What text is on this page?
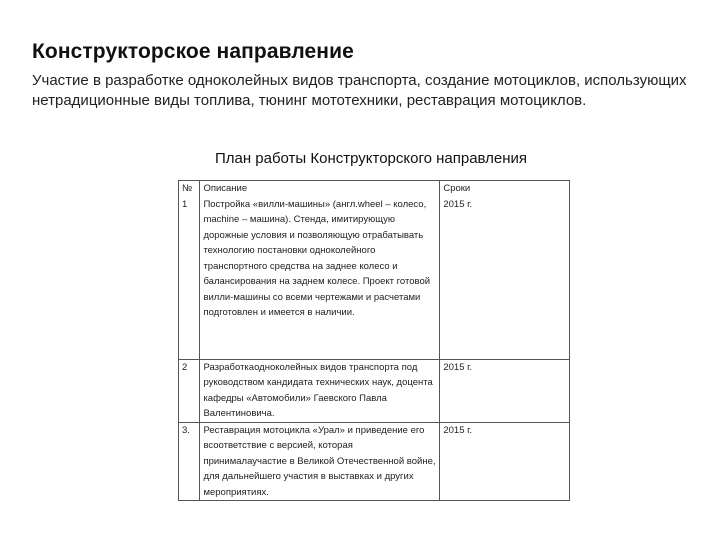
Конструкторское направление
Участие в разработке одноколейных видов транспорта, создание мотоциклов, использующих нетрадиционные виды топлива, тюнинг мототехники, реставрация мотоциклов.
План работы Конструкторского направления
№	Описание	Сроки
1	Постройка «вилли-машины» (англ.wheel – колесо, machine – машина). Стенда, имитирующую дорожные условия и позволяющую отрабатывать технологию постановки одноколейного транспортного средства на заднее колесо и балансирования на заднем колесе. Проект готовой вилли-машины со всеми чертежами и расчетами подготовлен и имеется в наличии.	2015 г.
2	Разработкаодноколейных видов транспорта под руководством кандидата технических наук, доцента кафедры «Автомобили» Гаевского Павла Валентиновича.	2015 г.
3.	Реставрация мотоцикла «Урал» и приведение его всоответствие с версией, которая принималаучастие в Великой Отечественной войне, для дальнейшего участия в выставках и других мероприятиях.	2015 г.
